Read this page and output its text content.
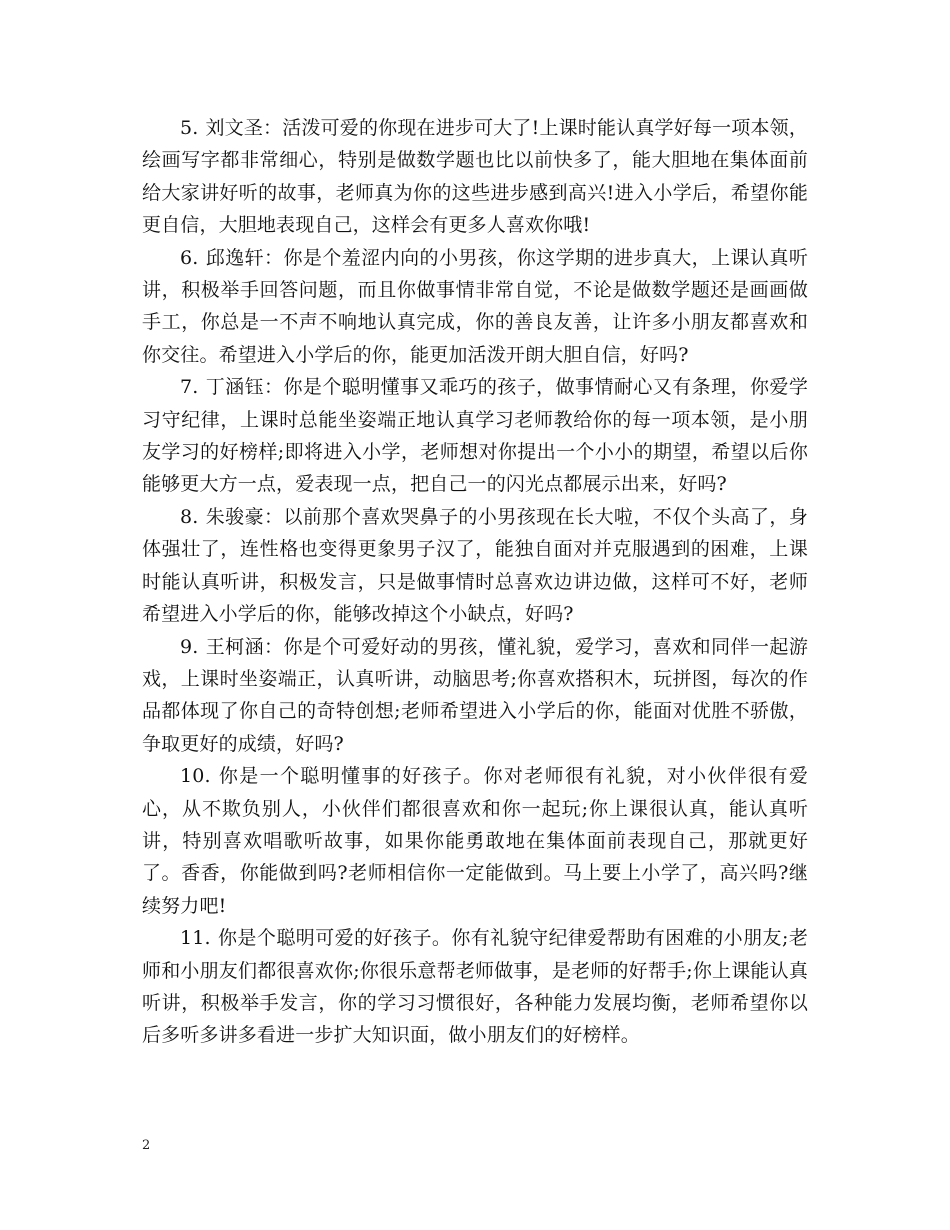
5. 刘文圣：活泼可爱的你现在进步可大了!上课时能认真学好每一项本领，绘画写字都非常细心，特别是做数学题也比以前快多了，能大胆地在集体面前给大家讲好听的故事，老师真为你的这些进步感到高兴!进入小学后，希望你能更自信，大胆地表现自己，这样会有更多人喜欢你哦!

6. 邱逸轩：你是个羞涩内向的小男孩，你这学期的进步真大，上课认真听讲，积极举手回答问题，而且你做事情非常自觉，不论是做数学题还是画画做手工，你总是一不声不响地认真完成，你的善良友善，让许多小朋友都喜欢和你交往。希望进入小学后的你，能更加活泼开朗大胆自信，好吗?

7. 丁涵钰：你是个聪明懂事又乖巧的孩子，做事情耐心又有条理，你爱学习守纪律，上课时总能坐姿端正地认真学习老师教给你的每一项本领，是小朋友学习的好榜样;即将进入小学，老师想对你提出一个小小的期望，希望以后你能够更大方一点，爱表现一点，把自己一的闪光点都展示出来，好吗?

8. 朱骏豪：以前那个喜欢哭鼻子的小男孩现在长大啦，不仅个头高了，身体强壮了，连性格也变得更象男子汉了，能独自面对并克服遇到的困难，上课时能认真听讲，积极发言，只是做事情时总喜欢边讲边做，这样可不好，老师希望进入小学后的你，能够改掉这个小缺点，好吗?

9. 王柯涵：你是个可爱好动的男孩，懂礼貌，爱学习，喜欢和同伴一起游戏，上课时坐姿端正，认真听讲，动脑思考;你喜欢搭积木，玩拼图，每次的作品都体现了你自己的奇特创想;老师希望进入小学后的你，能面对优胜不骄傲，争取更好的成绩，好吗?

10. 你是一个聪明懂事的好孩子。你对老师很有礼貌，对小伙伴很有爱心，从不欺负别人，小伙伴们都很喜欢和你一起玩;你上课很认真，能认真听讲，特别喜欢唱歌听故事，如果你能勇敢地在集体面前表现自己，那就更好了。香香，你能做到吗?老师相信你一定能做到。马上要上小学了，高兴吗?继续努力吧!

11. 你是个聪明可爱的好孩子。你有礼貌守纪律爱帮助有困难的小朋友;老师和小朋友们都很喜欢你;你很乐意帮老师做事，是老师的好帮手;你上课能认真听讲，积极举手发言，你的学习习惯很好，各种能力发展均衡，老师希望你以后多听多讲多看进一步扩大知识面，做小朋友们的好榜样。

2
